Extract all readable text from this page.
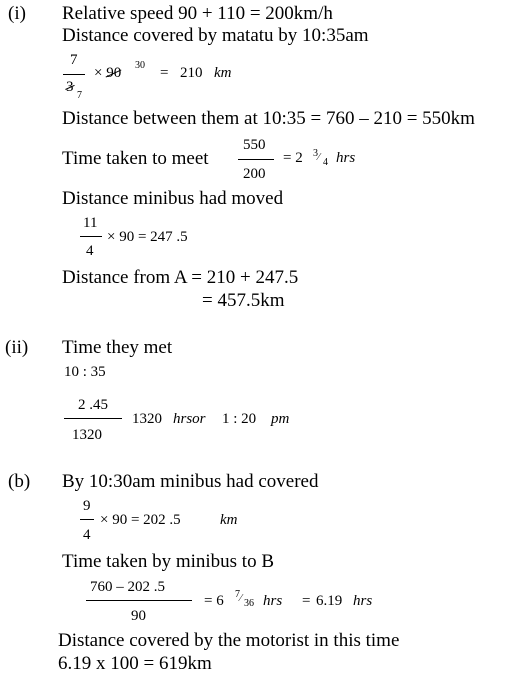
(i) Relative speed 90 + 110 = 200km/h
Distance covered by matatu by 10:35am
7
3
7
× 90 30 = 210 km
Distance between them at 10:35 = 760 – 210 = 550km
Time taken to meet
550
200
= 2 3 ⁄ 4 hrs
Distance minibus had moved
11
4
× 90 = 247 .5
Distance from A = 210 + 247.5
= 457.5km
(ii) Time they met
10 : 35
2 .45
1320
1320 hrsor 1 : 20 pm
(b) By 10:30am minibus had covered
9
4
× 90 = 202 .5	km
Time taken by minibus to B
760 – 202 .5
90
= 6 7 ⁄ 36 hrs = 6.19 hrs
Distance covered by the motorist in this time
6.19 x 100 = 619km
